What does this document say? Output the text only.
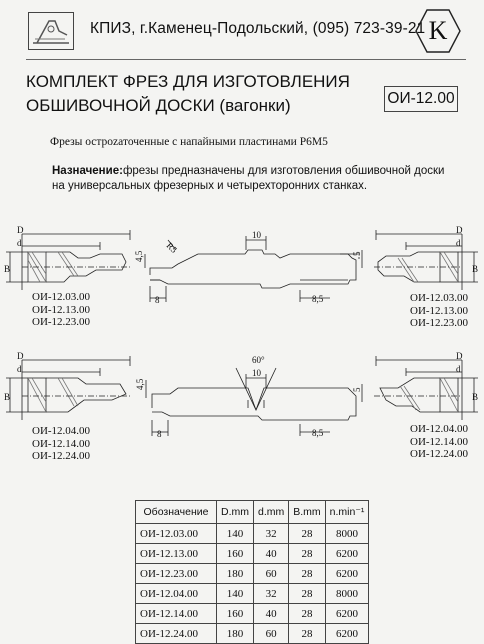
КПИЗ, г.Каменец-Подольский, (095) 723-39-21 K
КОМПЛЕКТ ФРЕЗ ДЛЯ ИЗГОТОВЛЕНИЯ
ОБШИВОЧНОЙ ДОСКИ (вагонки)	ОИ-12.00
Фрезы остроzаточенные с напайными пластинами Р6М5
Назначение:фрезы предназначены для изготовления обшивочной доски на универсальных фрезерных и четырехторонних станках.
D
d
B
R5
10
4,5	5
8	8,5
D
d
B
D
d
B
60°
10
4,5	5
8	8,5
D
d
B
ОИ-12.03.00
ОИ-12.13.00
ОИ-12.23.00
ОИ-12.03.00
ОИ-12.13.00
ОИ-12.23.00
ОИ-12.04.00
ОИ-12.14.00
ОИ-12.24.00
ОИ-12.04.00
ОИ-12.14.00
ОИ-12.24.00
Обозначение	D.mm	d.mm	B.mm	n.min⁻¹
ОИ-12.03.00	140	32	28	8000
ОИ-12.13.00	160	40	28	6200
ОИ-12.23.00	180	60	28	6200
ОИ-12.04.00	140	32	28	8000
ОИ-12.14.00	160	40	28	6200
ОИ-12.24.00	180	60	28	6200
